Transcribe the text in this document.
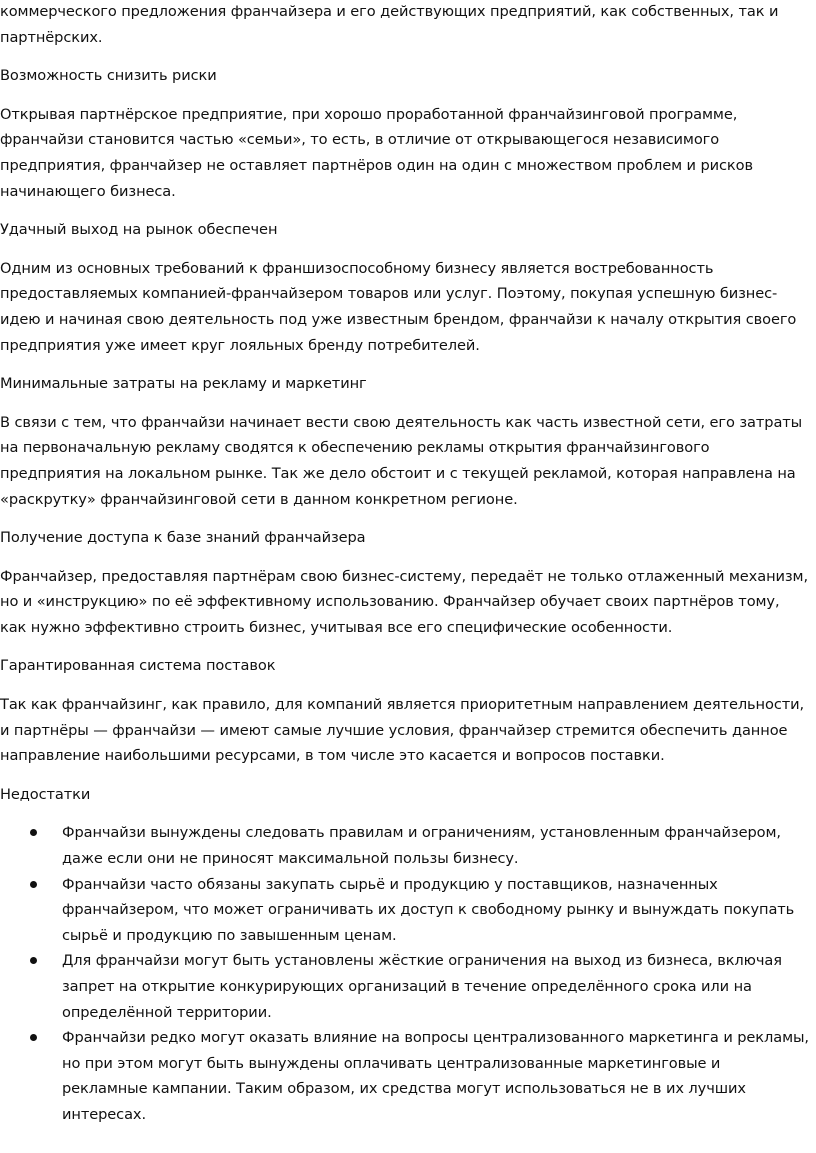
коммерческого предложения франчайзера и его действующих предприятий, как собственных, так и партнёрских.

Возможность снизить риски

Открывая партнёрское предприятие, при хорошо проработанной франчайзинговой программе, франчайзи становится частью «семьи», то есть, в отличие от открывающегося независимого предприятия, франчайзер не оставляет партнёров один на один с множеством проблем и рисков начинающего бизнеса.

Удачный выход на рынок обеспечен

Одним из основных требований к франшизоспособному бизнесу является востребованность предоставляемых компанией-франчайзером товаров или услуг. Поэтому, покупая успешную бизнес-идею и начиная свою деятельность под уже известным брендом, франчайзи к началу открытия своего предприятия уже имеет круг лояльных бренду потребителей.

Минимальные затраты на рекламу и маркетинг

В связи с тем, что франчайзи начинает вести свою деятельность как часть известной сети, его затраты на первоначальную рекламу сводятся к обеспечению рекламы открытия франчайзингового предприятия на локальном рынке. Так же дело обстоит и с текущей рекламой, которая направлена на «раскрутку» франчайзинговой сети в данном конкретном регионе.

Получение доступа к базе знаний франчайзера

Франчайзер, предоставляя партнёрам свою бизнес-систему, передаёт не только отлаженный механизм, но и «инструкцию» по её эффективному использованию. Франчайзер обучает своих партнёров тому, как нужно эффективно строить бизнес, учитывая все его специфические особенности.

Гарантированная система поставок

Так как франчайзинг, как правило, для компаний является приоритетным направлением деятельности, и партнёры — франчайзи — имеют самые лучшие условия, франчайзер стремится обеспечить данное направление наибольшими ресурсами, в том числе это касается и вопросов поставки.

Недостатки

Франчайзи вынуждены следовать правилам и ограничениям, установленным франчайзером, даже если они не приносят максимальной пользы бизнесу.
Франчайзи часто обязаны закупать сырьё и продукцию у поставщиков, назначенных франчайзером, что может ограничивать их доступ к свободному рынку и вынуждать покупать сырьё и продукцию по завышенным ценам.
Для франчайзи могут быть установлены жёсткие ограничения на выход из бизнеса, включая запрет на открытие конкурирующих организаций в течение определённого срока или на определённой территории.
Франчайзи редко могут оказать влияние на вопросы централизованного маркетинга и рекламы, но при этом могут быть вынуждены оплачивать централизованные маркетинговые и рекламные кампании. Таким образом, их средства могут использоваться не в их лучших интересах.
